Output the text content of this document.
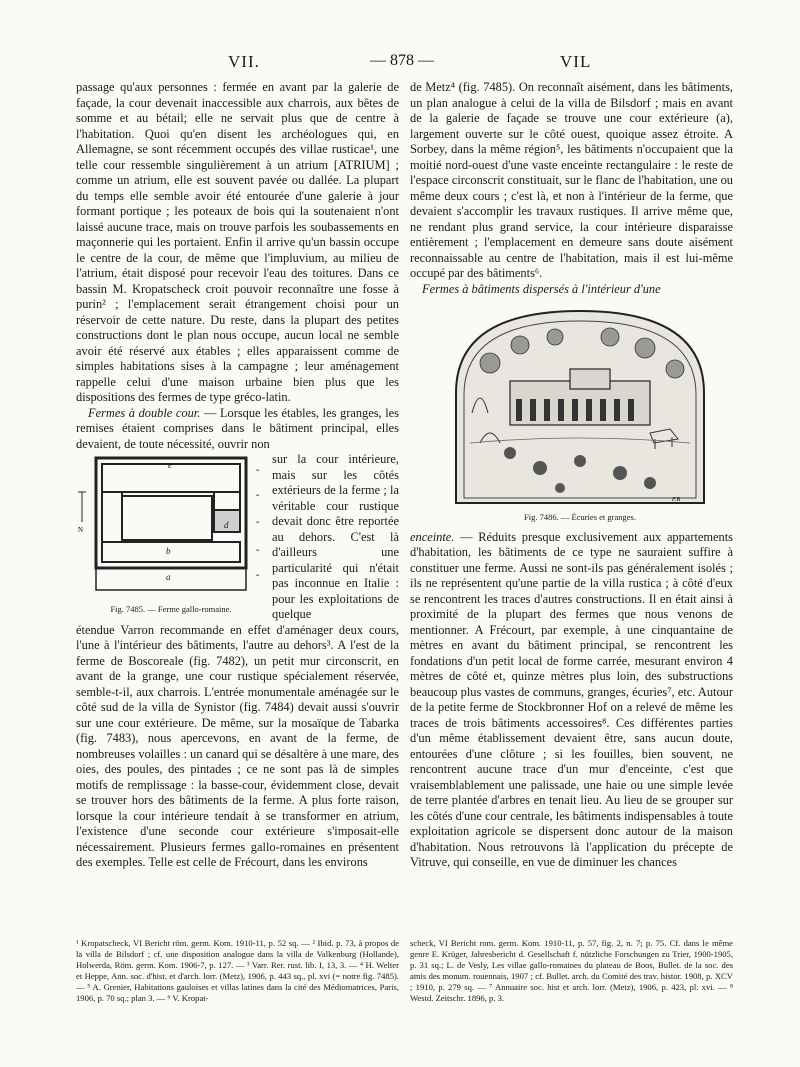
VII.	— 878 —	VIL

passage qu'aux personnes : fermée en avant par la galerie de façade, la cour devenait inaccessible aux charrois, aux bêtes de somme et au bétail; elle ne servait plus que de centre à l'habitation. Quoi qu'en disent les archéologues qui, en Allemagne, se sont récemment occupés des villae rusticae¹, une telle cour ressemble singulièrement à un atrium [ATRIUM] ; comme un atrium, elle est souvent pavée ou dallée. La plupart du temps elle semble avoir été entourée d'une galerie à jour formant portique ; les poteaux de bois qui la soutenaient n'ont laissé aucune trace, mais on trouve parfois les soubassements en maçonnerie qui les portaient. Enfin il arrive qu'un bassin occupe le centre de la cour, de même que l'impluvium, au milieu de l'atrium, était disposé pour recevoir l'eau des toitures. Dans ce bassin M. Kropatscheck croit pouvoir reconnaître une fosse à purin² ; l'emplacement serait étrangement choisi pour un réservoir de cette nature. Du reste, dans la plupart des petites constructions dont le plan nous occupe, aucun local ne semble avoir été réservé aux étables ; elles apparaissent comme de simples habitations sises à la campagne ; leur aménagement rappelle celui d'une maison urbaine bien plus que les dispositions des fermes de type gréco-latin.

Fermes à double cour. — Lorsque les étables, les granges, les remises étaient comprises dans le bâtiment principal, elles devaient, de toute nécessité, ouvrir non

N
≡
≡
≡
≡
≡
e
d
b
a
Fig. 7485. — Ferme gallo-romaine.

sur la cour intérieure, mais sur les côtés extérieurs de la ferme ; la véritable cour rustique devait donc être reportée au dehors. C'est là d'ailleurs une particularité qui n'était pas inconnue en Italie : pour les exploitations de quelque

étendue Varron recommande en effet d'aménager deux cours, l'une à l'intérieur des bâtiments, l'autre au dehors³. A l'est de la ferme de Boscoreale (fig. 7482), un petit mur circonscrit, en avant de la grange, une cour rustique spécialement réservée, semble-t-il, aux charrois. L'entrée monumentale aménagée sur le côté sud de la villa de Synistor (fig. 7484) devait aussi s'ouvrir sur une cour extérieure. De même, sur la mosaïque de Tabarka (fig. 7483), nous apercevons, en avant de la ferme, de nombreuses volailles : un canard qui se désaltère à une mare, des oies, des poules, des pintades ; ce ne sont pas là de simples motifs de remplissage : la basse-cour, évidemment close, devait se trouver hors des bâtiments de la ferme. A plus forte raison, lorsque la cour intérieure tendait à se transformer en atrium, l'existence d'une seconde cour extérieure s'imposait-elle nécessairement. Plusieurs fermes gallo-romaines en présentent des exemples. Telle est celle de Frécourt, dans les environs

de Metz⁴ (fig. 7485). On reconnaît aisément, dans les bâtiments, un plan analogue à celui de la villa de Bilsdorf ; mais en avant de la galerie de façade se trouve une cour extérieure (a), largement ouverte sur le côté ouest, quoique assez étroite. A Sorbey, dans la même région⁵, les bâtiments n'occupaient que la moitié nord-ouest d'une vaste enceinte rectangulaire : le reste de l'espace circonscrit constituait, sur le flanc de l'habitation, une ou même deux cours ; c'est là, et non à l'intérieur de la ferme, que devaient s'accomplir les travaux rustiques. Il arrive même que, ne rendant plus grand service, la cour intérieure disparaisse entièrement ; l'emplacement en demeure sans doute aisément reconnaissable au centre de l'habitation, mais il est lui-même occupé par des bâtiments⁶.

Fermes à bâtiments dispersés à l'intérieur d'une

F.B
Fig. 7486. — Écuries et granges.

enceinte. — Réduits presque exclusivement aux appartements d'habitation, les bâtiments de ce type ne sauraient suffire à constituer une ferme. Aussi ne sont-ils pas généralement isolés ; ils ne représentent qu'une partie de la villa rustica ; à côté d'eux se rencontrent les traces d'autres constructions. Il en était ainsi à proximité de la plupart des fermes que nous venons de mentionner. A Frécourt, par exemple, à une cinquantaine de mètres en avant du bâtiment principal, se rencontrent les fondations d'un petit local de forme carrée, mesurant environ 4 mètres de côté et, quinze mètres plus loin, des substructions beaucoup plus vastes de communs, granges, écuries⁷, etc. Autour de la petite ferme de Stockbronner Hof on a relevé de même les traces de trois bâtiments accessoires⁸. Ces différentes parties d'un même établissement devaient être, sans aucun doute, entourées d'une clôture ; si les fouilles, bien souvent, ne rencontrent aucune trace d'un mur d'enceinte, c'est que vraisemblablement une palissade, une haie ou une simple levée de terre plantée d'arbres en tenait lieu. Au lieu de se grouper sur les côtés d'une cour centrale, les bâtiments indispensables à toute exploitation agricole se dispersent donc autour de la maison d'habitation. Nous retrouvons là l'application du précepte de Vitruve, qui conseille, en vue de diminuer les chances

¹ Kropatscheck, VI Bericht röm. germ. Kom. 1910-11, p. 52 sq. — ² Ibid. p. 73, à propos de la villa de Bilsdorf ; cf. une disposition analogue dans la villa de Valkenburg (Hollande), Holwerda, Röm. germ. Kom. 1906-7, p. 127. — ³ Varr. Rer. rust. lib. I, 13, 3. — ⁴ H. Welter et Heppe, Ann. soc. d'hist. et d'arch. lorr. (Metz), 1906, p. 443 sq., pl. xvi (= notre fig. 7485). — ⁵ A. Grenier, Habitations gauloises et villas latines dans la cité des Médiomatrices, Paris, 1906, p. 70 sq.; plan 3. — ⁶ V. Kropat-
scheck, VI Bericht rom. germ. Kom. 1910-11, p. 57, fig. 2, n. 7; p. 75. Cf. dans le même genre E. Krüger, Jahresbericht d. Gesellschaft f. nützliche Forschungen zu Trier, 1900-1905, p. 31 sq.; L. de Vesly, Les villae gallo-romaines du plateau de Boos, Bullet. de la soc. des amis des monum. rouennais, 1907 ; cf. Bullet. arch. du Comité des trav. histor. 1908, p. XCV ; 1910, p. 279 sq. — ⁷ Annuaire soc. hist et arch. lorr. (Metz), 1906, p. 423, pl. xvi. — ⁸ Westd. Zeitschr. 1896, p. 3.
